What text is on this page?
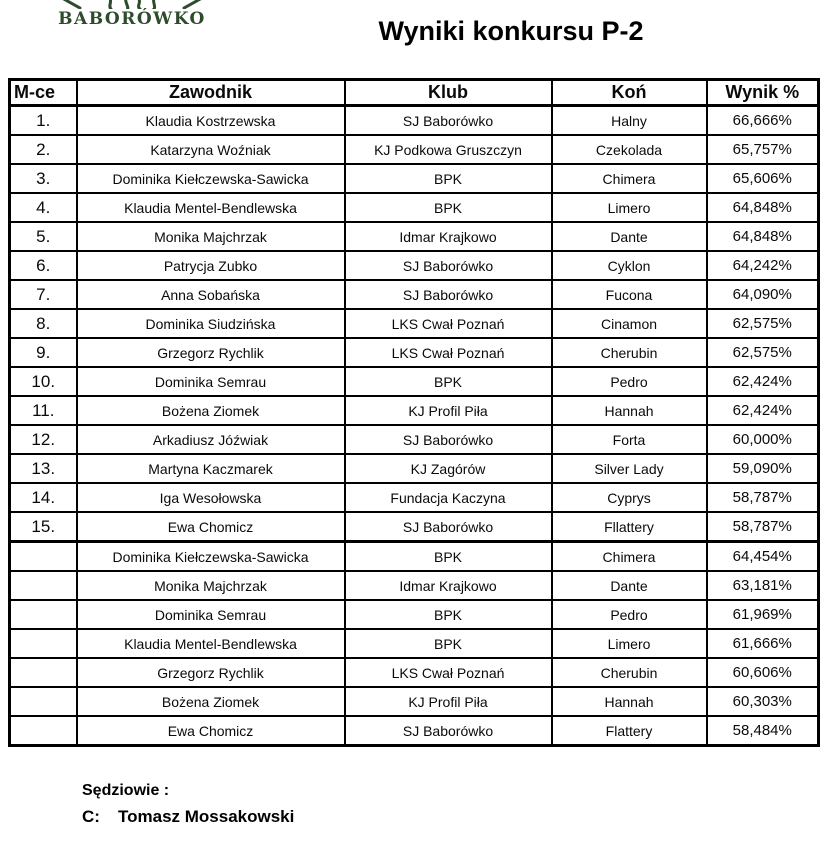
BABORÓWKO	Wyniki konkursu P-2
M-ce	Zawodnik	Klub	Koń	Wynik %
1.	Klaudia Kostrzewska	SJ Baborówko	Halny	66,666%
2.	Katarzyna Woźniak	KJ Podkowa Gruszczyn	Czekolada	65,757%
3.	Dominika Kiełczewska-Sawicka	BPK	Chimera	65,606%
4.	Klaudia Mentel-Bendlewska	BPK	Limero	64,848%
5.	Monika Majchrzak	Idmar Krajkowo	Dante	64,848%
6.	Patrycja Zubko	SJ Baborówko	Cyklon	64,242%
7.	Anna Sobańska	SJ Baborówko	Fucona	64,090%
8.	Dominika Siudzińska	LKS Cwał Poznań	Cinamon	62,575%
9.	Grzegorz Rychlik	LKS Cwał Poznań	Cherubin	62,575%
10.	Dominika Semrau	BPK	Pedro	62,424%
11.	Bożena Ziomek	KJ Profil Piła	Hannah	62,424%
12.	Arkadiusz Jóźwiak	SJ Baborówko	Forta	60,000%
13.	Martyna Kaczmarek	KJ Zagórów	Silver Lady	59,090%
14.	Iga Wesołowska	Fundacja Kaczyna	Cyprys	58,787%
15.	Ewa Chomicz	SJ Baborówko	Fllattery	58,787%
	Dominika Kiełczewska-Sawicka	BPK	Chimera	64,454%
	Monika Majchrzak	Idmar Krajkowo	Dante	63,181%
	Dominika Semrau	BPK	Pedro	61,969%
	Klaudia Mentel-Bendlewska	BPK	Limero	61,666%
	Grzegorz Rychlik	LKS Cwał Poznań	Cherubin	60,606%
	Bożena Ziomek	KJ Profil Piła	Hannah	60,303%
	Ewa Chomicz	SJ Baborówko	Flattery	58,484%
Sędziowie :
C:	Tomasz Mossakowski
